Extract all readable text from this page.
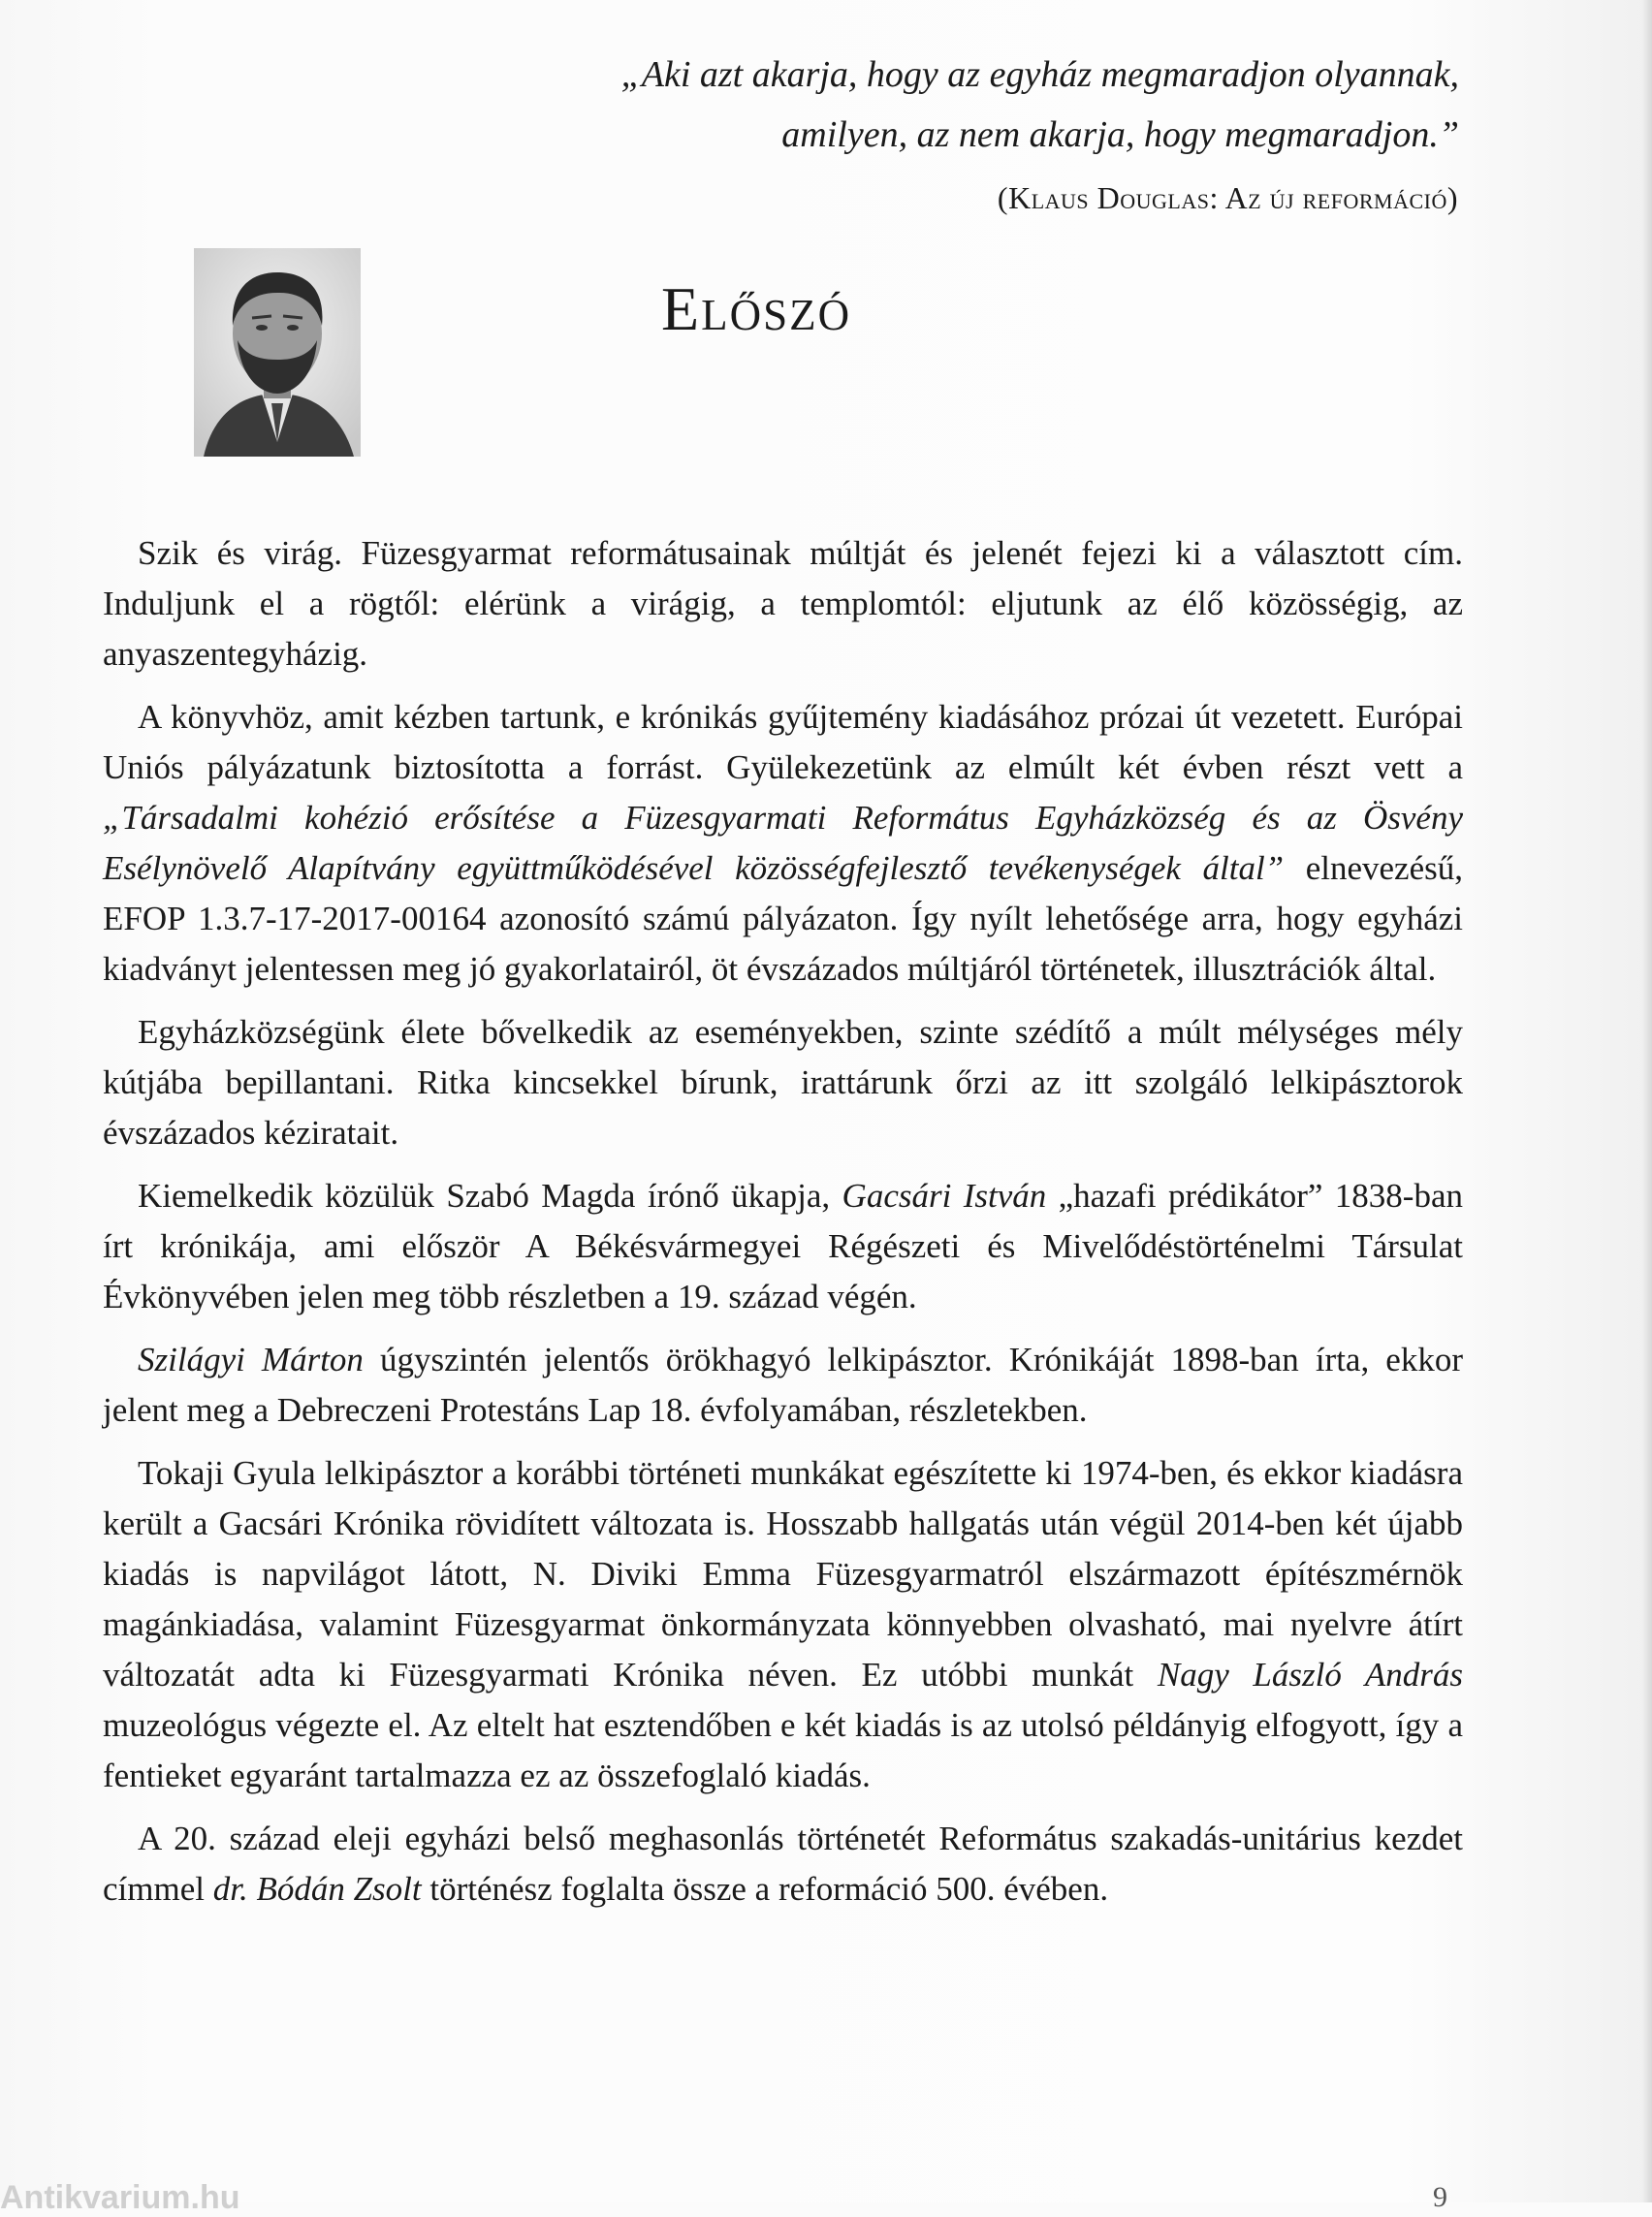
„Aki azt akarja, hogy az egyház megmaradjon olyannak,
amilyen, az nem akarja, hogy megmaradjon.”
(Klaus Douglas: Az új reformáció)
Előszó

Szik és virág. Füzesgyarmat reformátusainak múltját és jelenét fejezi ki a választott cím. Induljunk el a rögtől: elérünk a virágig, a templomtól: eljutunk az élő közösségig, az anyaszentegyházig.

A könyvhöz, amit kézben tartunk, e krónikás gyűjtemény kiadásához prózai út vezetett. Európai Uniós pályázatunk biztosította a forrást. Gyülekezetünk az elmúlt két évben részt vett a „Társadalmi kohézió erősítése a Füzesgyarmati Református Egyházközség és az Ösvény Esélynövelő Alapítvány együttműködésével közösségfejlesztő tevékenységek által” elnevezésű, EFOP 1.3.7-17-2017-00164 azonosító számú pályázaton. Így nyílt lehetősége arra, hogy egyházi kiadványt jelentessen meg jó gyakorlatairól, öt évszázados múltjáról történetek, illusztrációk által.

Egyházközségünk élete bővelkedik az eseményekben, szinte szédítő a múlt mélységes mély kútjába bepillantani. Ritka kincsekkel bírunk, irattárunk őrzi az itt szolgáló lelkipásztorok évszázados kéziratait.

Kiemelkedik közülük Szabó Magda írónő ükapja, Gacsári István „hazafi prédikátor” 1838-ban írt krónikája, ami először A Békésvármegyei Régészeti és Mivelődéstörténelmi Társulat Évkönyvében jelen meg több részletben a 19. század végén.

Szilágyi Márton úgyszintén jelentős örökhagyó lelkipásztor. Krónikáját 1898-ban írta, ekkor jelent meg a Debreczeni Protestáns Lap 18. évfolyamában, részletekben.

Tokaji Gyula lelkipásztor a korábbi történeti munkákat egészítette ki 1974-ben, és ekkor kiadásra került a Gacsári Krónika rövidített változata is. Hosszabb hallgatás után végül 2014-ben két újabb kiadás is napvilágot látott, N. Diviki Emma Füzesgyarmatról elszármazott építészmérnök magánkiadása, valamint Füzesgyarmat önkormányzata könnyebben olvasható, mai nyelvre átírt változatát adta ki Füzesgyarmati Krónika néven. Ez utóbbi munkát Nagy László András muzeológus végezte el. Az eltelt hat esztendőben e két kiadás is az utolsó példányig elfogyott, így a fentieket egyaránt tartalmazza ez az összefoglaló kiadás.

A 20. század eleji egyházi belső meghasonlás történetét Református szakadás-unitárius kezdet címmel dr. Bódán Zsolt történész foglalta össze a reformáció 500. évében.

Antikvarium.hu	9
